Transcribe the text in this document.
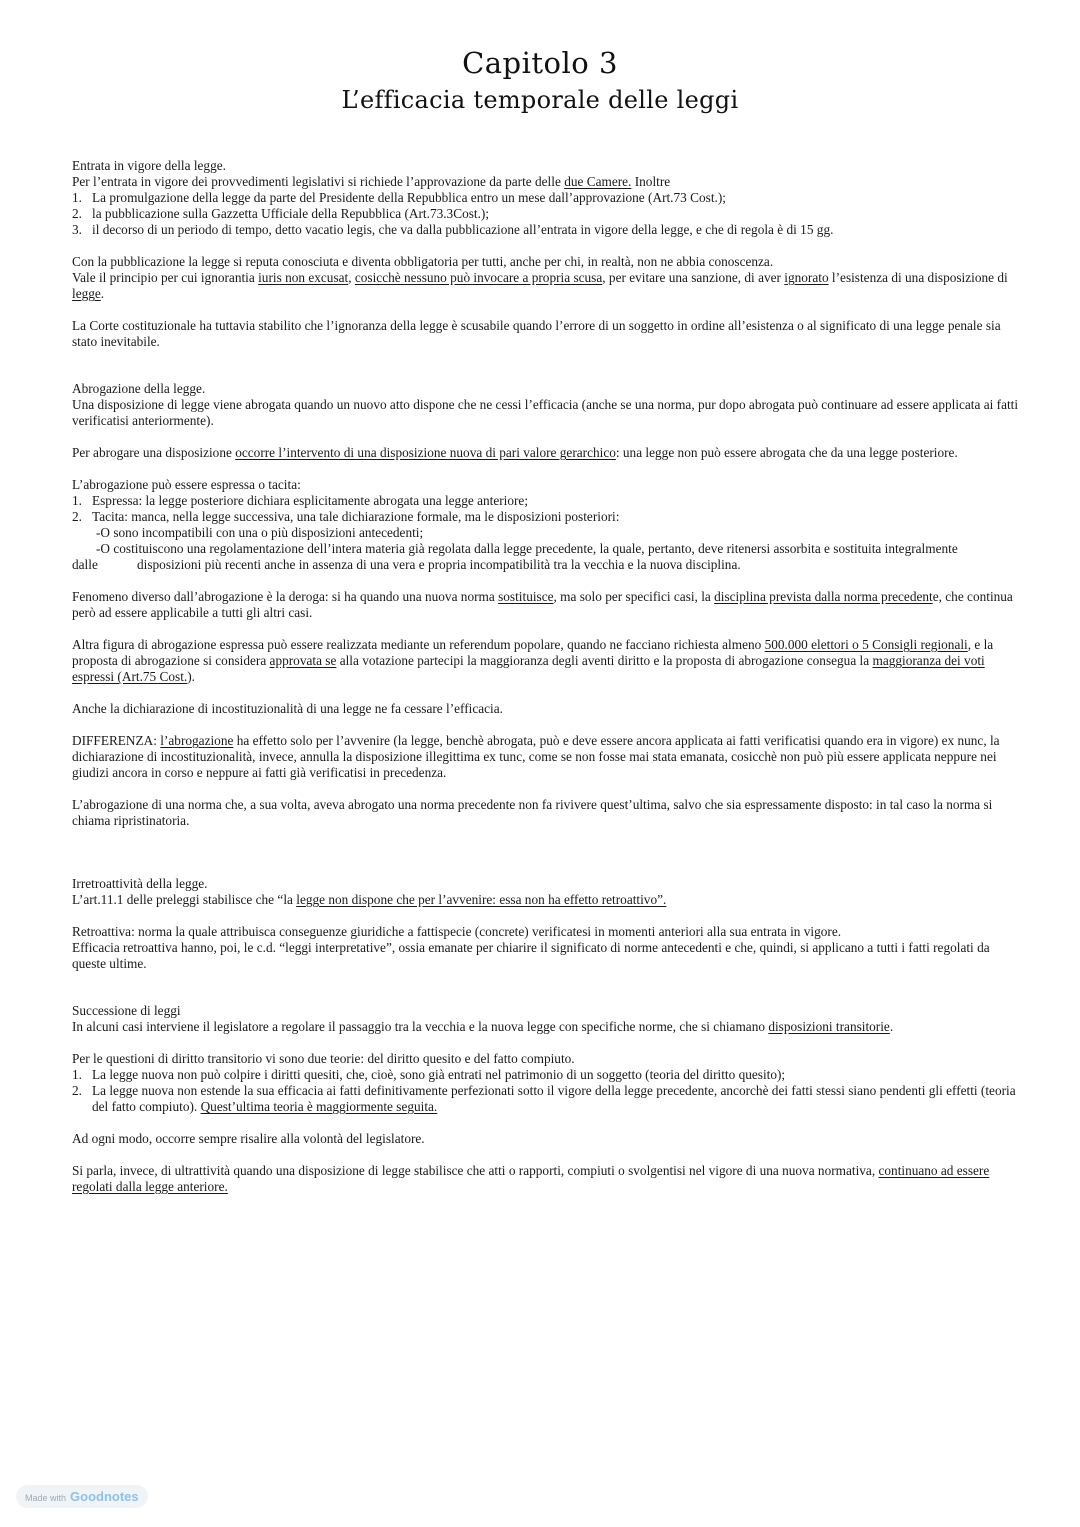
Capitolo 3
L’efficacia temporale delle leggi

Entrata in vigore della legge.

Per l’entrata in vigore dei provvedimenti legislativi si richiede l’approvazione da parte delle due Camere. Inoltre

1. La promulgazione della legge da parte del Presidente della Repubblica entro un mese dall’approvazione (Art.73 Cost.);
2. la pubblicazione sulla Gazzetta Ufficiale della Repubblica (Art.73.3Cost.);
3. il decorso di un periodo di tempo, detto vacatio legis, che va dalla pubblicazione all’entrata in vigore della legge, e che di regola è di 15 gg.

Con la pubblicazione la legge si reputa conosciuta e diventa obbligatoria per tutti, anche per chi, in realtà, non ne abbia conoscenza.

Vale il principio per cui ignorantia iuris non excusat, cosicchè nessuno può invocare a propria scusa, per evitare una sanzione, di aver ignorato l’esistenza di una disposizione di legge.

La Corte costituzionale ha tuttavia stabilito che l’ignoranza della legge è scusabile quando l’errore di un soggetto in ordine all’esistenza o al significato di una legge penale sia stato inevitabile.

Abrogazione della legge.

Una disposizione di legge viene abrogata quando un nuovo atto dispone che ne cessi l’efficacia (anche se una norma, pur dopo abrogata può continuare ad essere applicata ai fatti verificatisi anteriormente).

Per abrogare una disposizione occorre l’intervento di una disposizione nuova di pari valore gerarchico: una legge non può essere abrogata che da una legge posteriore.

L’abrogazione può essere espressa o tacita:

1. Espressa: la legge posteriore dichiara esplicitamente abrogata una legge anteriore;
2. Tacita: manca, nella legge successiva, una tale dichiarazione formale, ma le disposizioni posteriori:

-O sono incompatibili con una o più disposizioni antecedenti;

-O costituiscono una regolamentazione dell’intera materia già regolata dalla legge precedente, la quale, pertanto, deve ritenersi assorbita e sostituita integralmente

dalle	disposizioni più recenti anche in assenza di una vera e propria incompatibilità tra la vecchia e la nuova disciplina.

Fenomeno diverso dall’abrogazione è la deroga: si ha quando una nuova norma sostituisce, ma solo per specifici casi, la disciplina prevista dalla norma precedente, che continua però ad essere applicabile a tutti gli altri casi.

Altra figura di abrogazione espressa può essere realizzata mediante un referendum popolare, quando ne facciano richiesta almeno 500.000 elettori o 5 Consigli regionali, e la proposta di abrogazione si considera approvata se alla votazione partecipi la maggioranza degli aventi diritto e la proposta di abrogazione consegua la maggioranza dei voti espressi (Art.75 Cost.).

Anche la dichiarazione di incostituzionalità di una legge ne fa cessare l’efficacia.

DIFFERENZA: l’abrogazione ha effetto solo per l’avvenire (la legge, benchè abrogata, può e deve essere ancora applicata ai fatti verificatisi quando era in vigore) ex nunc, la dichiarazione di incostituzionalità, invece, annulla la disposizione illegittima ex tunc, come se non fosse mai stata emanata, cosicchè non può più essere applicata neppure nei giudizi ancora in corso e neppure ai fatti già verificatisi in precedenza.

L’abrogazione di una norma che, a sua volta, aveva abrogato una norma precedente non fa rivivere quest’ultima, salvo che sia espressamente disposto: in tal caso la norma si chiama ripristinatoria.

Irretroattività della legge.

L’art.11.1 delle preleggi stabilisce che “la legge non dispone che per l’avvenire: essa non ha effetto retroattivo”.

Retroattiva: norma la quale attribuisca conseguenze giuridiche a fattispecie (concrete) verificatesi in momenti anteriori alla sua entrata in vigore.

Efficacia retroattiva hanno, poi, le c.d. “leggi interpretative”, ossia emanate per chiarire il significato di norme antecedenti e che, quindi, si applicano a tutti i fatti regolati da queste ultime.

Successione di leggi

In alcuni casi interviene il legislatore a regolare il passaggio tra la vecchia e la nuova legge con specifiche norme, che si chiamano disposizioni transitorie.

Per le questioni di diritto transitorio vi sono due teorie: del diritto quesito e del fatto compiuto.

1. La legge nuova non può colpire i diritti quesiti, che, cioè, sono già entrati nel patrimonio di un soggetto (teoria del diritto quesito);
2. La legge nuova non estende la sua efficacia ai fatti definitivamente perfezionati sotto il vigore della legge precedente, ancorchè dei fatti stessi siano pendenti gli effetti (teoria del fatto compiuto). Quest’ultima teoria è maggiormente seguita.

Ad ogni modo, occorre sempre risalire alla volontà del legislatore.

Si parla, invece, di ultrattività quando una disposizione di legge stabilisce che atti o rapporti, compiuti o svolgentisi nel vigore di una nuova normativa, continuano ad essere regolati dalla legge anteriore.

Made with Goodnotes
